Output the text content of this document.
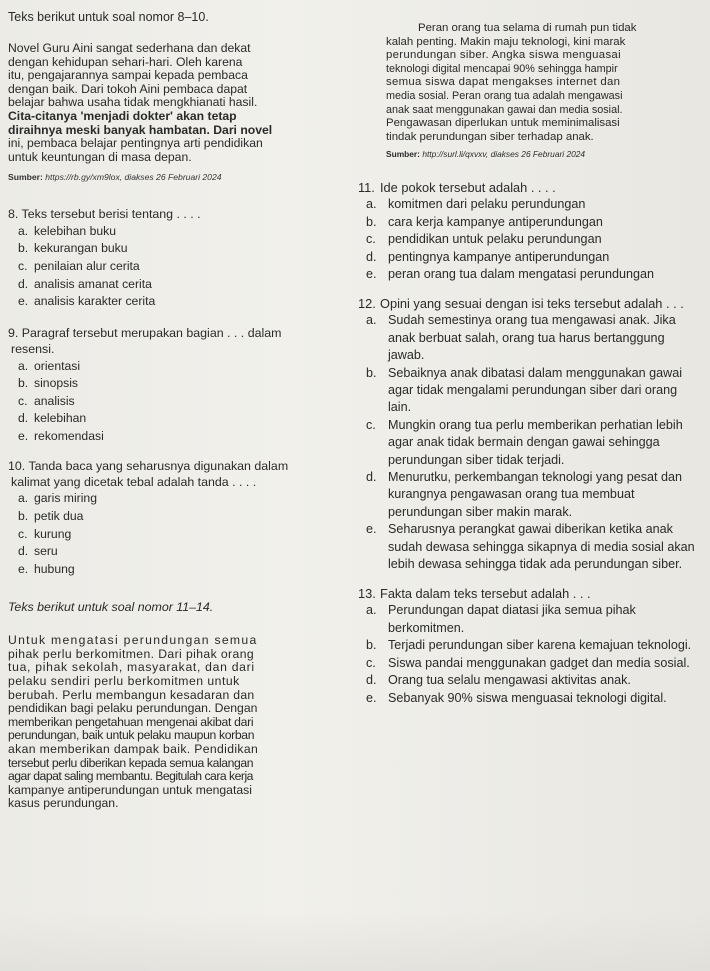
Teks berikut untuk soal nomor 8–10.
Novel Guru Aini sangat sederhana dan dekat
dengan kehidupan sehari-hari. Oleh karena
itu, pengajarannya sampai kepada pembaca
dengan baik. Dari tokoh Aini pembaca dapat
belajar bahwa usaha tidak mengkhianati hasil.
Cita-citanya 'menjadi dokter' akan tetap
diraihnya meski banyak hambatan. Dari novel
ini, pembaca belajar pentingnya arti pendidikan
untuk keuntungan di masa depan.
Sumber: https://rb.gy/xm9lox, diakses 26 Februari 2024
8. Teks tersebut berisi tentang . . . .
a. kelebihan buku
b. kekurangan buku
c. penilaian alur cerita
d. analisis amanat cerita
e. analisis karakter cerita
9. Paragraf tersebut merupakan bagian . . . dalam
resensi.
a. orientasi
b. sinopsis
c. analisis
d. kelebihan
e. rekomendasi
10. Tanda baca yang seharusnya digunakan dalam
kalimat yang dicetak tebal adalah tanda . . . .
a. garis miring
b. petik dua
c. kurung
d. seru
e. hubung
Teks berikut untuk soal nomor 11–14.
Untuk mengatasi perundungan semua
pihak perlu berkomitmen. Dari pihak orang
tua, pihak sekolah, masyarakat, dan dari
pelaku sendiri perlu berkomitmen untuk
berubah. Perlu membangun kesadaran dan
pendidikan bagi pelaku perundungan. Dengan
memberikan pengetahuan mengenai akibat dari
perundungan, baik untuk pelaku maupun korban
akan memberikan dampak baik. Pendidikan
tersebut perlu diberikan kepada semua kalangan
agar dapat saling membantu. Begitulah cara kerja
kampanye antiperundungan untuk mengatasi
kasus perundungan.
Peran orang tua selama di rumah pun tidak
kalah penting. Makin maju teknologi, kini marak
perundungan siber. Angka siswa menguasai
teknologi digital mencapai 90% sehingga hampir
semua siswa dapat mengakses internet dan
media sosial. Peran orang tua adalah mengawasi
anak saat menggunakan gawai dan media sosial.
Pengawasan diperlukan untuk meminimalisasi
tindak perundungan siber terhadap anak.
Sumber: http://surl.li/qxvxv, diakses 26 Februari 2024
11. Ide pokok tersebut adalah . . . .
a. komitmen dari pelaku perundungan
b. cara kerja kampanye antiperundungan
c. pendidikan untuk pelaku perundungan
d. pentingnya kampanye antiperundungan
e. peran orang tua dalam mengatasi perundungan
12. Opini yang sesuai dengan isi teks tersebut adalah . . .
a. Sudah semestinya orang tua mengawasi anak. Jika anak berbuat salah, orang tua harus bertanggung jawab.
b. Sebaiknya anak dibatasi dalam menggunakan gawai agar tidak mengalami perundungan siber dari orang lain.
c. Mungkin orang tua perlu memberikan perhatian lebih agar anak tidak bermain dengan gawai sehingga perundungan siber tidak terjadi.
d. Menurutku, perkembangan teknologi yang pesat dan kurangnya pengawasan orang tua membuat perundungan siber makin marak.
e. Seharusnya perangkat gawai diberikan ketika anak sudah dewasa sehingga sikapnya di media sosial akan lebih dewasa sehingga tidak ada perundungan siber.
13. Fakta dalam teks tersebut adalah . . .
a. Perundungan dapat diatasi jika semua pihak berkomitmen.
b. Terjadi perundungan siber karena kemajuan teknologi.
c. Siswa pandai menggunakan gadget dan media sosial.
d. Orang tua selalu mengawasi aktivitas anak.
e. Sebanyak 90% siswa menguasai teknologi digital.
